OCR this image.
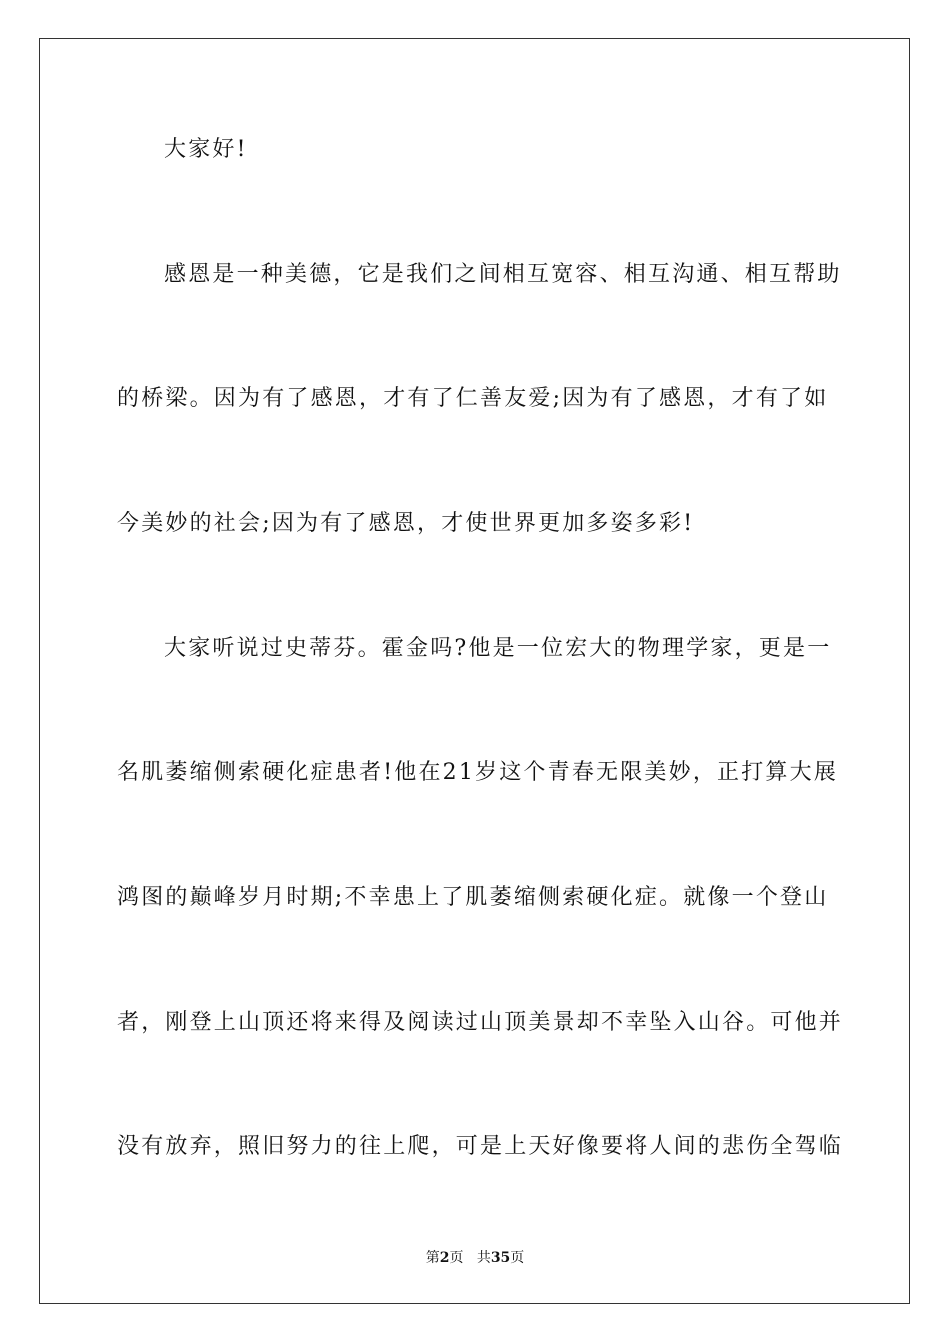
大家好!
感恩是一种美德，它是我们之间相互宽容、相互沟通、相互帮助
的桥梁。因为有了感恩，才有了仁善友爱;因为有了感恩，才有了如
今美妙的社会;因为有了感恩，才使世界更加多姿多彩!
大家听说过史蒂芬。霍金吗?他是一位宏大的物理学家，更是一
名肌萎缩侧索硬化症患者!他在21岁这个青春无限美妙，正打算大展
鸿图的巅峰岁月时期;不幸患上了肌萎缩侧索硬化症。就像一个登山
者，刚登上山顶还将来得及阅读过山顶美景却不幸坠入山谷。可他并
没有放弃，照旧努力的往上爬，可是上天好像要将人间的悲伤全驾临
第2页 共35页
